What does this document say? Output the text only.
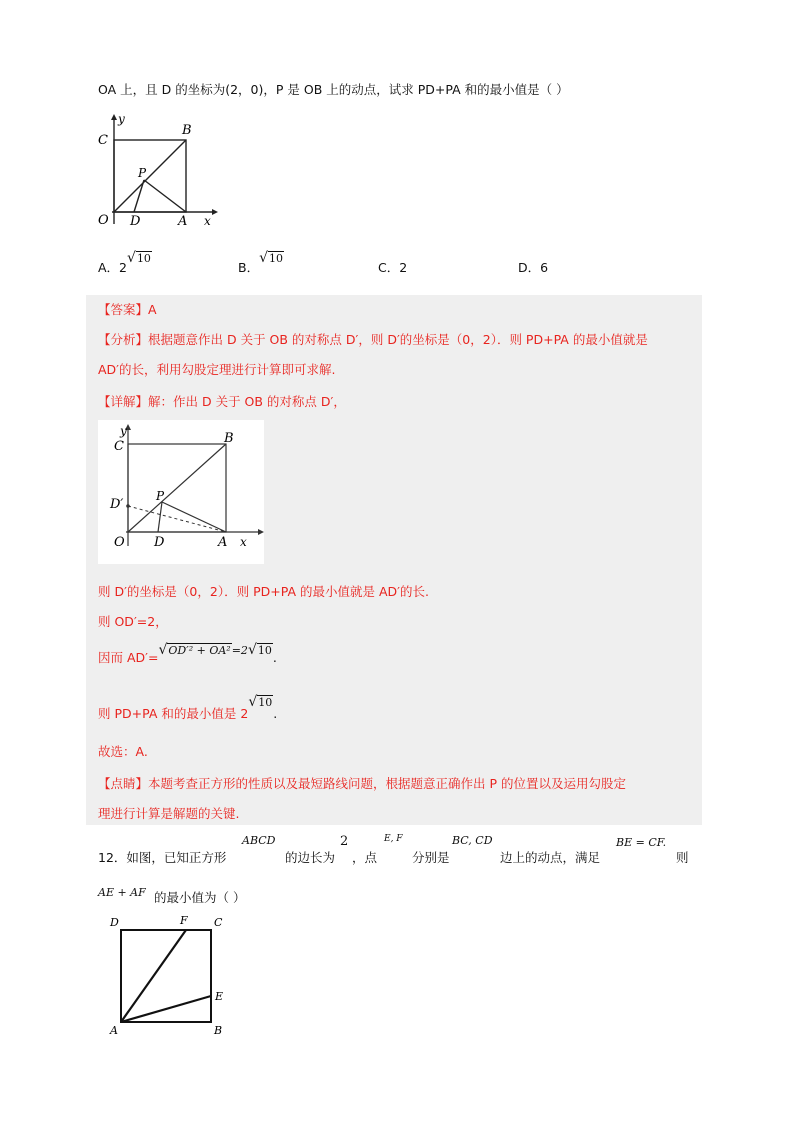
OA 上，且 D 的坐标为(2，0)，P 是 OB 上的动点，试求 PD+PA 和的最小值是（ ）
C
y
B
P
O D	A x
A．2√10
B．√10
C．2	D．6
【答案】A
【分析】根据题意作出 D 关于 OB 的对称点 D′，则 D′的坐标是（0，2）．则 PD+PA 的最小值就是
AD′的长，利用勾股定理进行计算即可求解.
【详解】解：作出 D 关于 OB 的对称点 D′，
y
C
B
D′
P
O D	A x
则 D′的坐标是（0，2）．则 PD+PA 的最小值就是 AD′的长.
则 OD′=2，
因而 AD′=√OD′² + OA²=2√10.
则 PD+PA 和的最小值是 2√10.
故选：A.
【点睛】本题考查正方形的性质以及最短路线问题，根据题意正确作出 P 的位置以及运用勾股定
理进行计算是解题的关键.
12．如图，已知正方形
ABCD
的边长为
2
，点
E, F
分别是
BC, CD
边上的动点，满足
BE = CF.
则
AE + AF 的最小值为（ ）
D	F C
E
A	B
